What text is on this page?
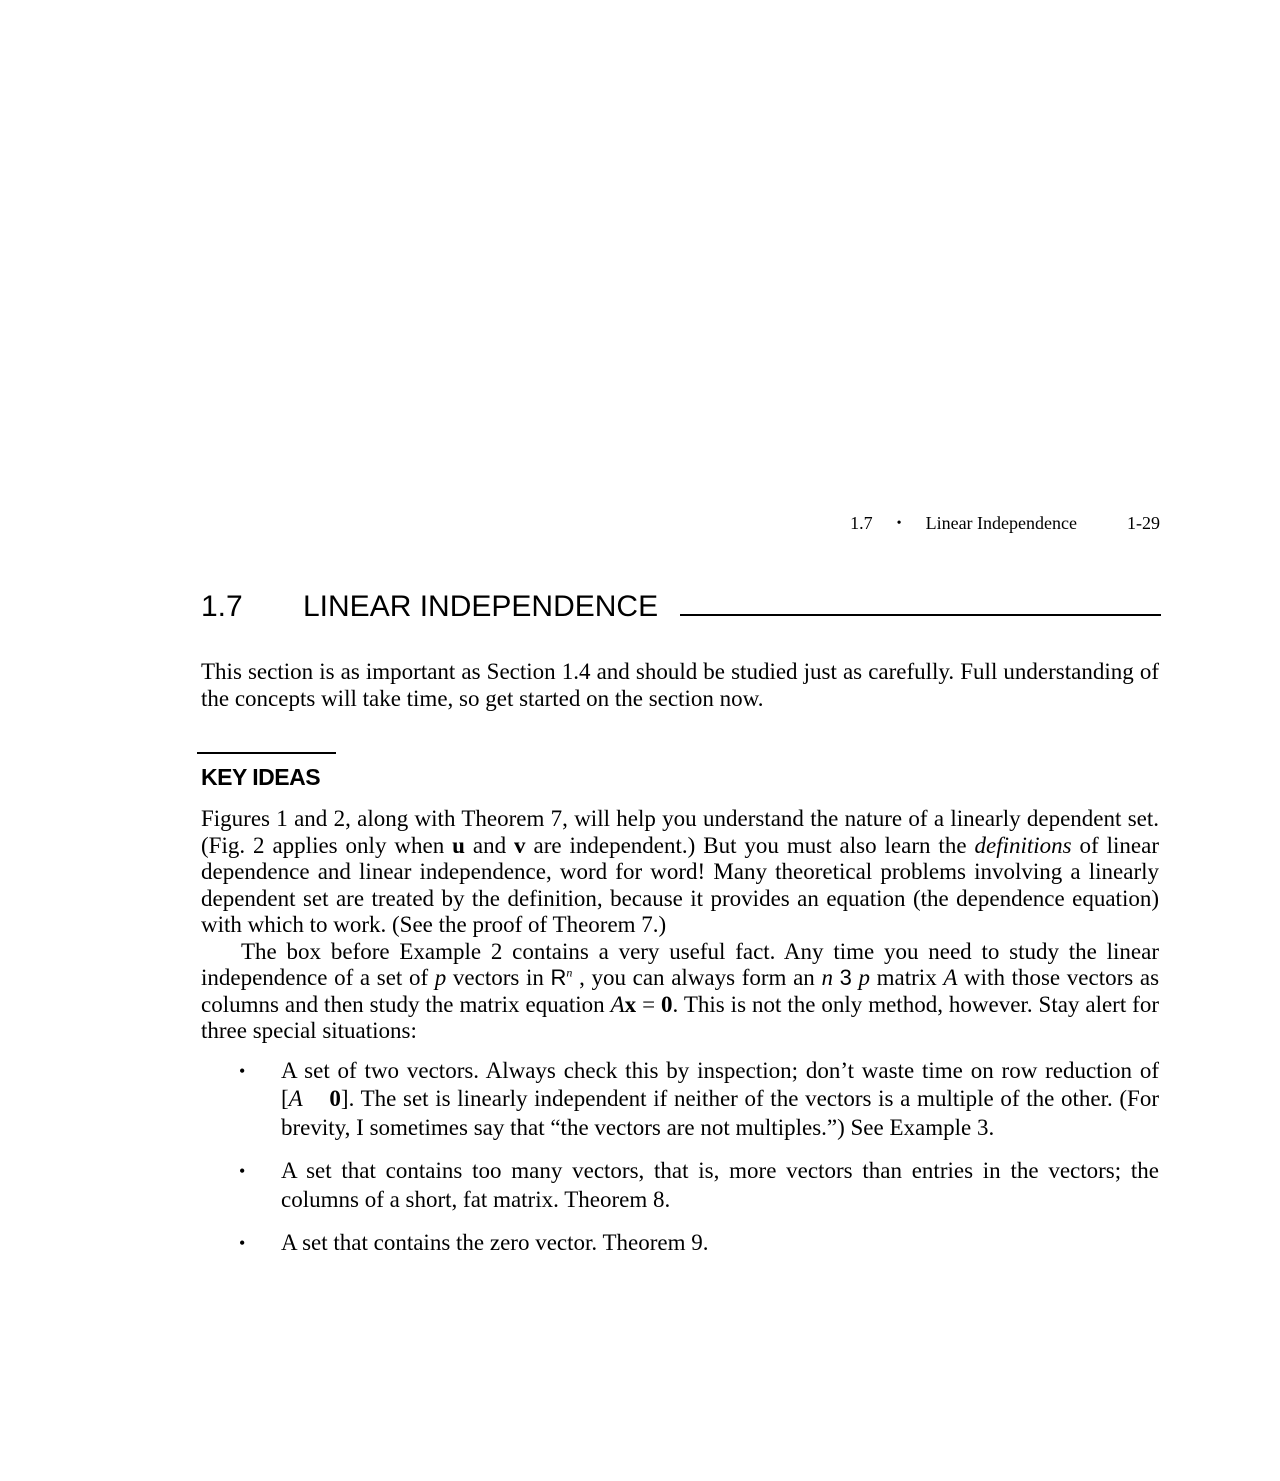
1.7 • Linear Independence	1-29
1.7	LINEAR INDEPENDENCE

This section is as important as Section 1.4 and should be studied just as carefully. Full understanding of the concepts will take time, so get started on the section now.

KEY IDEAS

Figures 1 and 2, along with Theorem 7, will help you understand the nature of a linearly dependent set. (Fig. 2 applies only when u and v are independent.) But you must also learn the definitions of linear dependence and linear independence, word for word! Many theoretical problems involving a linearly dependent set are treated by the definition, because it provides an equation (the dependence equation) with which to work. (See the proof of Theorem 7.)

The box before Example 2 contains a very useful fact. Any time you need to study the linear independence of a set of p vectors in $R^n$ , you can always form an n 3 p matrix A with those vectors as columns and then study the matrix equation Ax = 0. This is not the only method, however. Stay alert for three special situations:

• A set of two vectors. Always check this by inspection; don’t waste time on row reduction of [A 0]. The set is linearly independent if neither of the vectors is a multiple of the other. (For brevity, I sometimes say that “the vectors are not multiples.”) See Example 3.
• A set that contains too many vectors, that is, more vectors than entries in the vectors; the columns of a short, fat matrix. Theorem 8.
• A set that contains the zero vector. Theorem 9.
